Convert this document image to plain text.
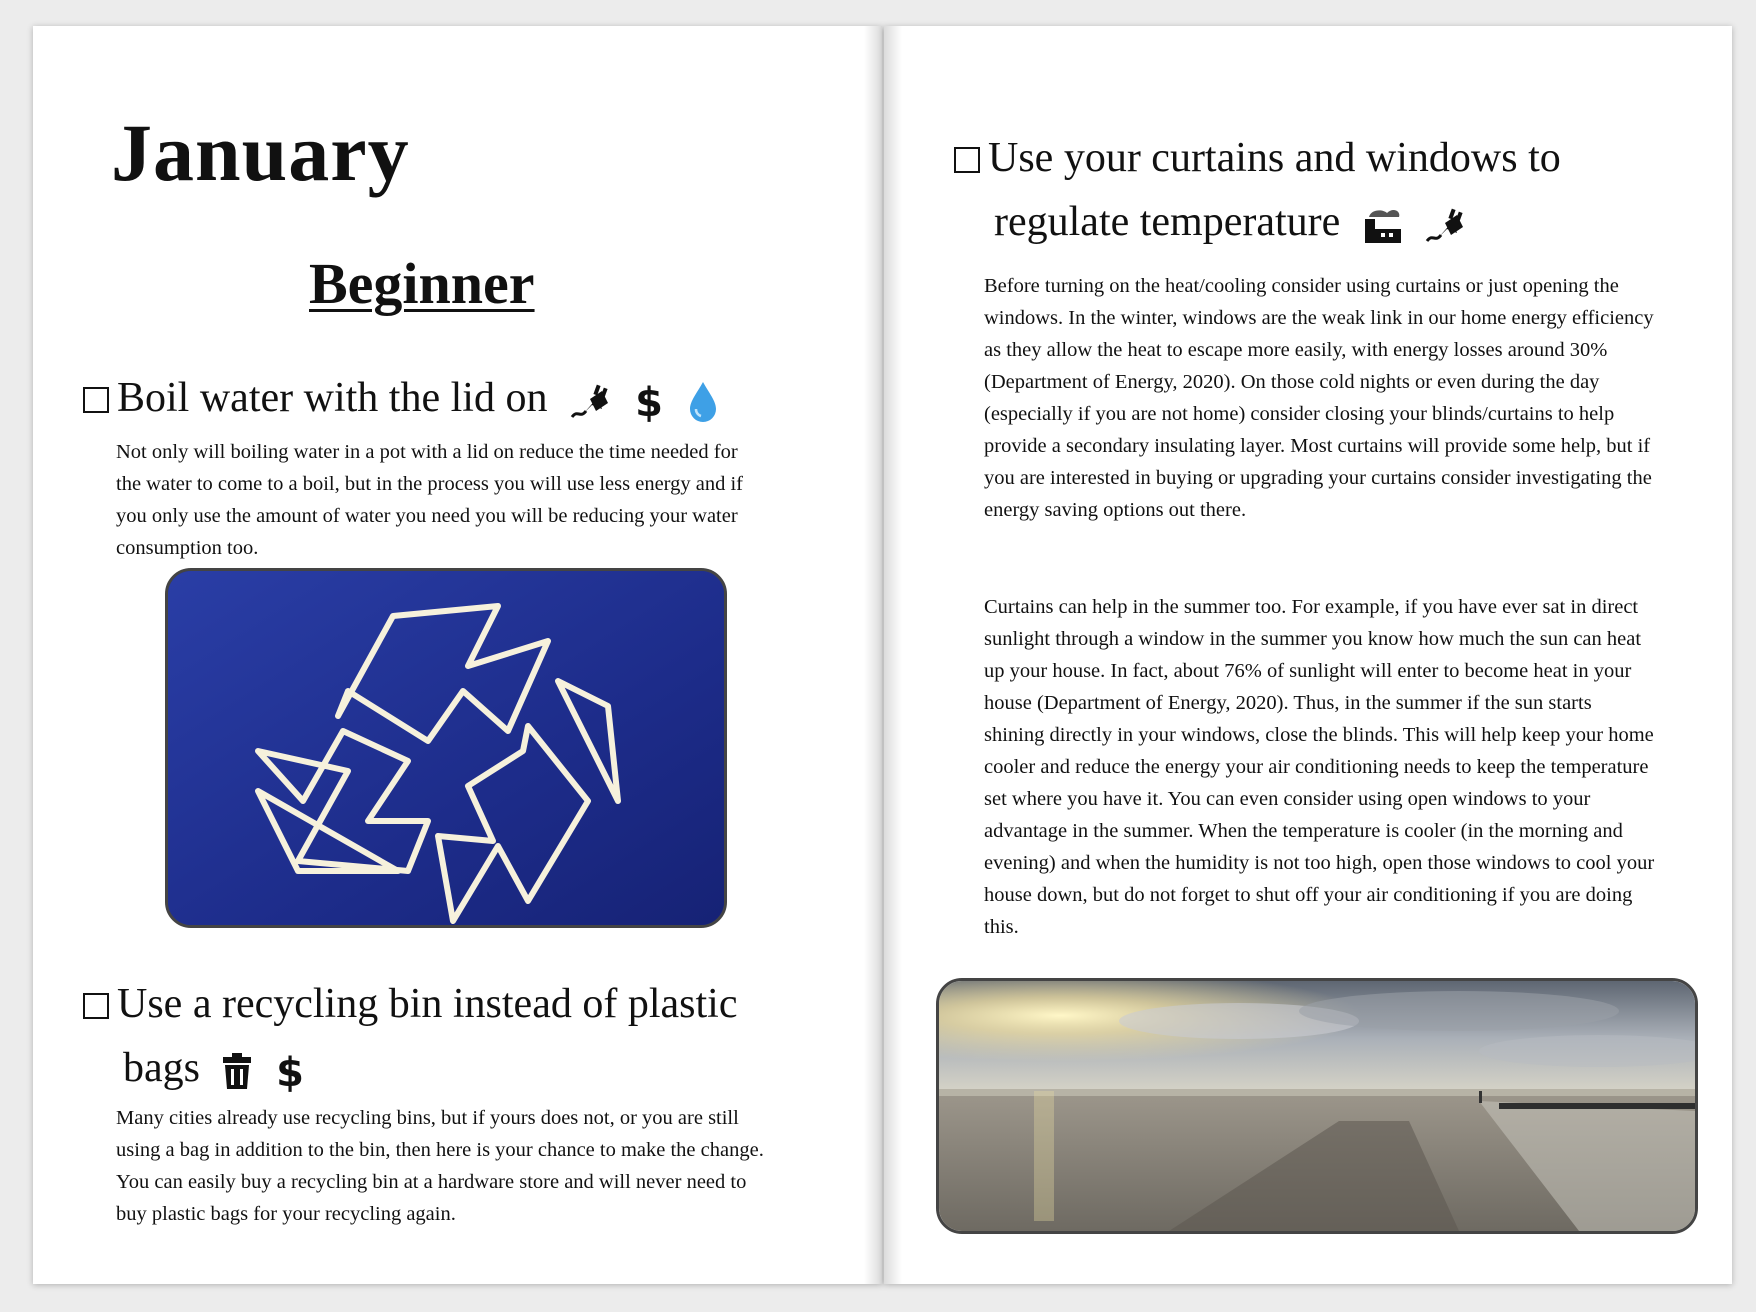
January
Beginner
Boil water with the lid on
$

Not only will boiling water in a pot with a lid on reduce the time needed for the water to come to a boil, but in the process you will use less energy and if you only use the amount of water you need you will be reducing your water consumption too.

Use a recycling bin instead of plastic
bags
$

Many cities already use recycling bins, but if yours does not, or you are still using a bag in addition to the bin, then here is your chance to make the change. You can easily buy a recycling bin at a hardware store and will never need to buy plastic bags for your recycling again.

Use your curtains and windows to
regulate temperature

Before turning on the heat/cooling consider using curtains or just opening the windows. In the winter, windows are the weak link in our home energy efficiency as they allow the heat to escape more easily, with energy losses around 30% (Department of Energy, 2020). On those cold nights or even during the day (especially if you are not home) consider closing your blinds/curtains to help provide a secondary insulating layer. Most curtains will provide some help, but if you are interested in buying or upgrading your curtains consider investigating the energy saving options out there.

Curtains can help in the summer too. For example, if you have ever sat in direct sunlight through a window in the summer you know how much the sun can heat up your house. In fact, about 76% of sunlight will enter to become heat in your house (Department of Energy, 2020). Thus, in the summer if the sun starts shining directly in your windows, close the blinds. This will help keep your home cooler and reduce the energy your air conditioning needs to keep the temperature set where you have it. You can even consider using open windows to your advantage in the summer. When the temperature is cooler (in the morning and evening) and when the humidity is not too high, open those windows to cool your house down, but do not forget to shut off your air conditioning if you are doing this.
